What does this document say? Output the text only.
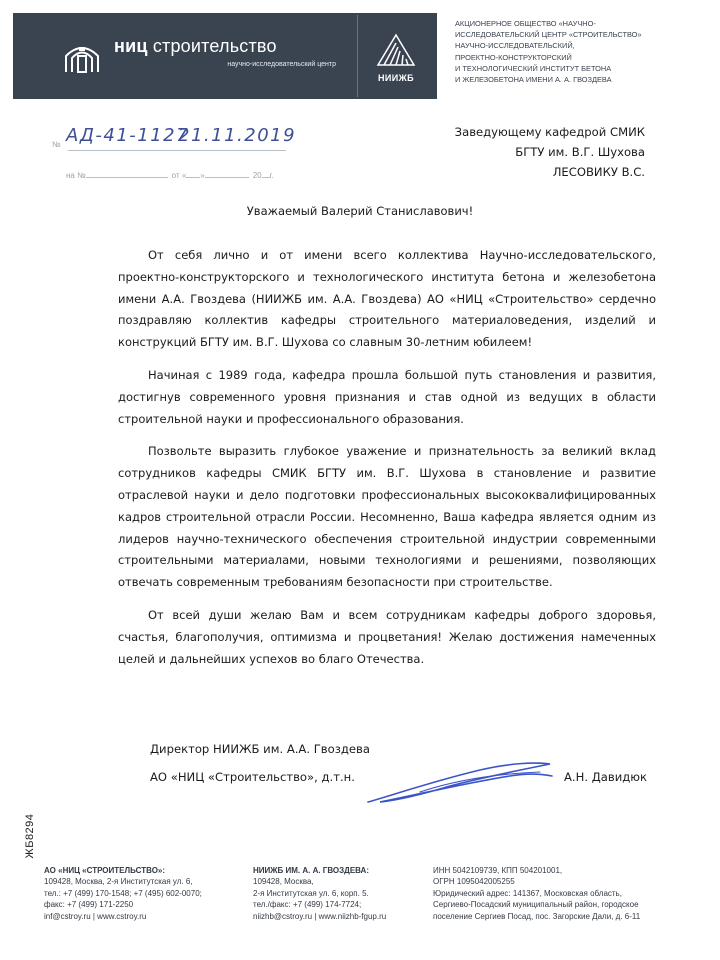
ниц строительство
научно-исследовательский центр
НИИЖБ
АКЦИОНЕРНОЕ ОБЩЕСТВО «НАУЧНО-
ИССЛЕДОВАТЕЛЬСКИЙ ЦЕНТР «СТРОИТЕЛЬСТВО»
НАУЧНО-ИССЛЕДОВАТЕЛЬСКИЙ,
ПРОЕКТНО-КОНСТРУКТОРСКИЙ
И ТЕХНОЛОГИЧЕСКИЙ ИНСТИТУТ БЕТОНА
И ЖЕЛЕЗОБЕТОНА ИМЕНИ А. А. ГВОЗДЕВА
№ АД-41-1127
21.11.2019
на №	от « »	20 г.
Заведующему кафедрой СМИК
БГТУ им. В.Г. Шухова
ЛЕСОВИКУ В.С.
Уважаемый Валерий Станиславович!

От себя лично и от имени всего коллектива Научно-исследовательского, проектно-конструкторского и технологического института бетона и железобетона имени А.А. Гвоздева (НИИЖБ им. А.А. Гвоздева) АО «НИЦ «Строительство» сердечно поздравляю коллектив кафедры строительного материаловедения, изделий и конструкций БГТУ им. В.Г. Шухова со славным 30-летним юбилеем!

Начиная с 1989 года, кафедра прошла большой путь становления и развития, достигнув современного уровня признания и став одной из ведущих в области строительной науки и профессионального образования.

Позвольте выразить глубокое уважение и признательность за великий вклад сотрудников кафедры СМИК БГТУ им. В.Г. Шухова в становление и развитие отраслевой науки и дело подготовки профессиональных высококвалифицированных кадров строительной отрасли России. Несомненно, Ваша кафедра является одним из лидеров научно-технического обеспечения строительной индустрии современными строительными материалами, новыми технологиями и решениями, позволяющих отвечать современным требованиям безопасности при строительстве.

От всей души желаю Вам и всем сотрудникам кафедры доброго здоровья, счастья, благополучия, оптимизма и процветания! Желаю достижения намеченных целей и дальнейших успехов во благо Отечества.

Директор НИИЖБ им. А.А. Гвоздева
АО «НИЦ «Строительство», д.т.н.	А.Н. Давидюк
ЖБ8294
АО «НИЦ «СТРОИТЕЛЬСТВО»:
109428, Москва, 2-я Институтская ул. 6,
тел.: +7 (499) 170-1548; +7 (495) 602-0070;
факс: +7 (499) 171-2250
inf@cstroy.ru | www.cstroy.ru
НИИЖБ ИМ. А. А. ГВОЗДЕВА:
109428, Москва,
2-я Институтская ул. 6, корп. 5.
тел./факс: +7 (499) 174-7724;
niizhb@cstroy.ru | www.niizhb-fgup.ru
ИНН 5042109739, КПП 504201001,
ОГРН 1095042005255
Юридический адрес: 141367, Московская область,
Сергиево-Посадский муниципальный район, городское
поселение Сергиев Посад, пос. Загорские Дали, д. 6-11
